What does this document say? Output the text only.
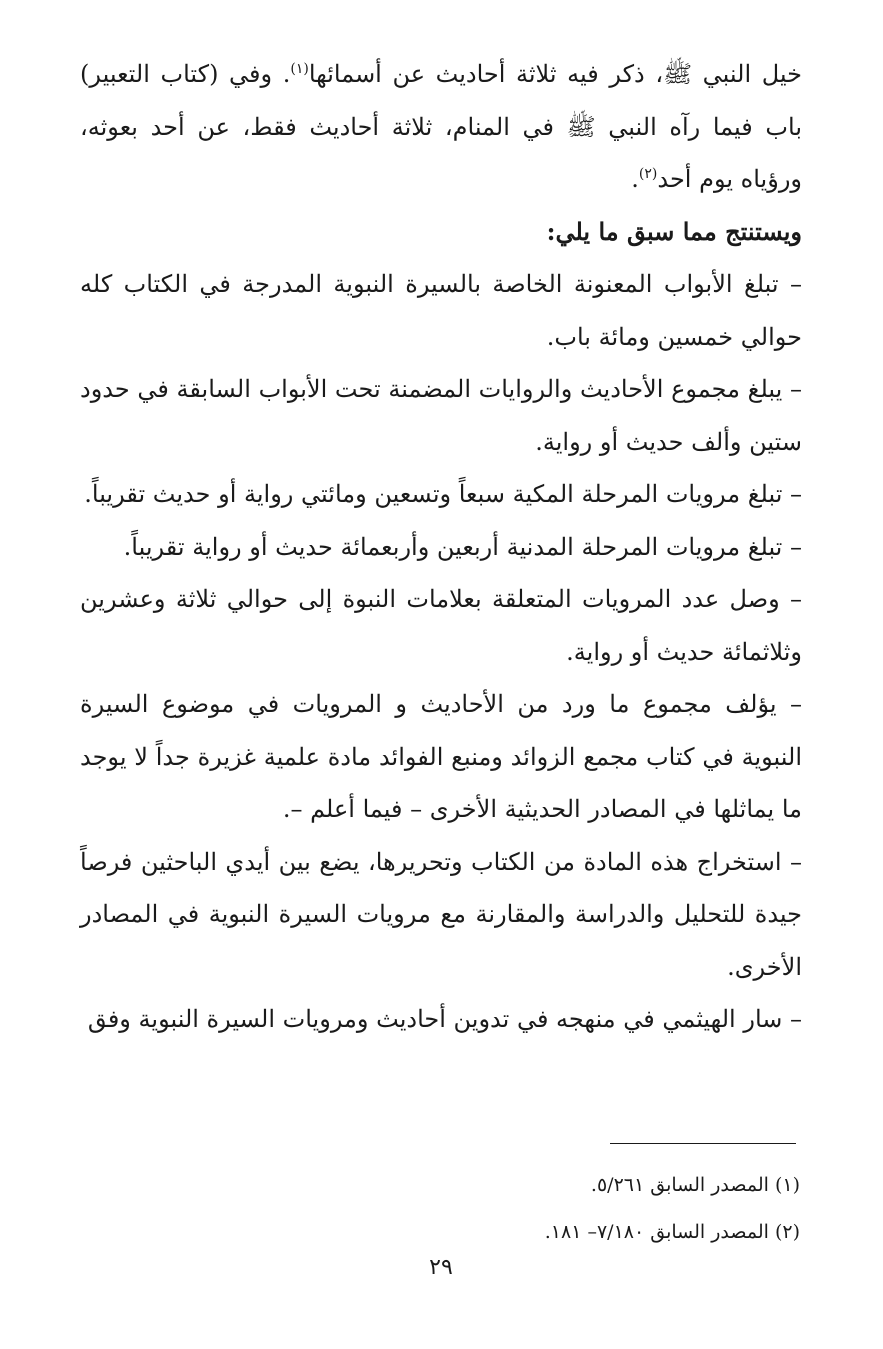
خيل النبي ﷺ، ذكر فيه ثلاثة أحاديث عن أسمائها$^{(١)}$. وفي (كتاب التعبير) باب فيما رآه النبي ﷺ في المنام، ثلاثة أحاديث فقط، عن أحد بعوثه، ورؤياه يوم أحد$^{(٢)}$.

ويستنتج مما سبق ما يلي:

– تبلغ الأبواب المعنونة الخاصة بالسيرة النبوية المدرجة في الكتاب كله حوالي خمسين ومائة باب.

– يبلغ مجموع الأحاديث والروايات المضمنة تحت الأبواب السابقة في حدود ستين وألف حديث أو رواية.

– تبلغ مرويات المرحلة المكية سبعاً وتسعين ومائتي رواية أو حديث تقريباً.

– تبلغ مرويات المرحلة المدنية أربعين وأربعمائة حديث أو رواية تقريباً.

– وصل عدد المرويات المتعلقة بعلامات النبوة إلى حوالي ثلاثة وعشرين وثلاثمائة حديث أو رواية.

– يؤلف مجموع ما ورد من الأحاديث و المرويات في موضوع السيرة النبوية في كتاب مجمع الزوائد ومنبع الفوائد مادة علمية غزيرة جداً لا يوجد ما يماثلها في المصادر الحديثية الأخرى – فيما أعلم –.

– استخراج هذه المادة من الكتاب وتحريرها، يضع بين أيدي الباحثين فرصاً جيدة للتحليل والدراسة والمقارنة مع مرويات السيرة النبوية في المصادر الأخرى.

– سار الهيثمي في منهجه في تدوين أحاديث ومرويات السيرة النبوية وفق

(١) المصدر السابق ٥/٢٦١.

(٢) المصدر السابق ٧/١٨٠– ١٨١.

٢٩
